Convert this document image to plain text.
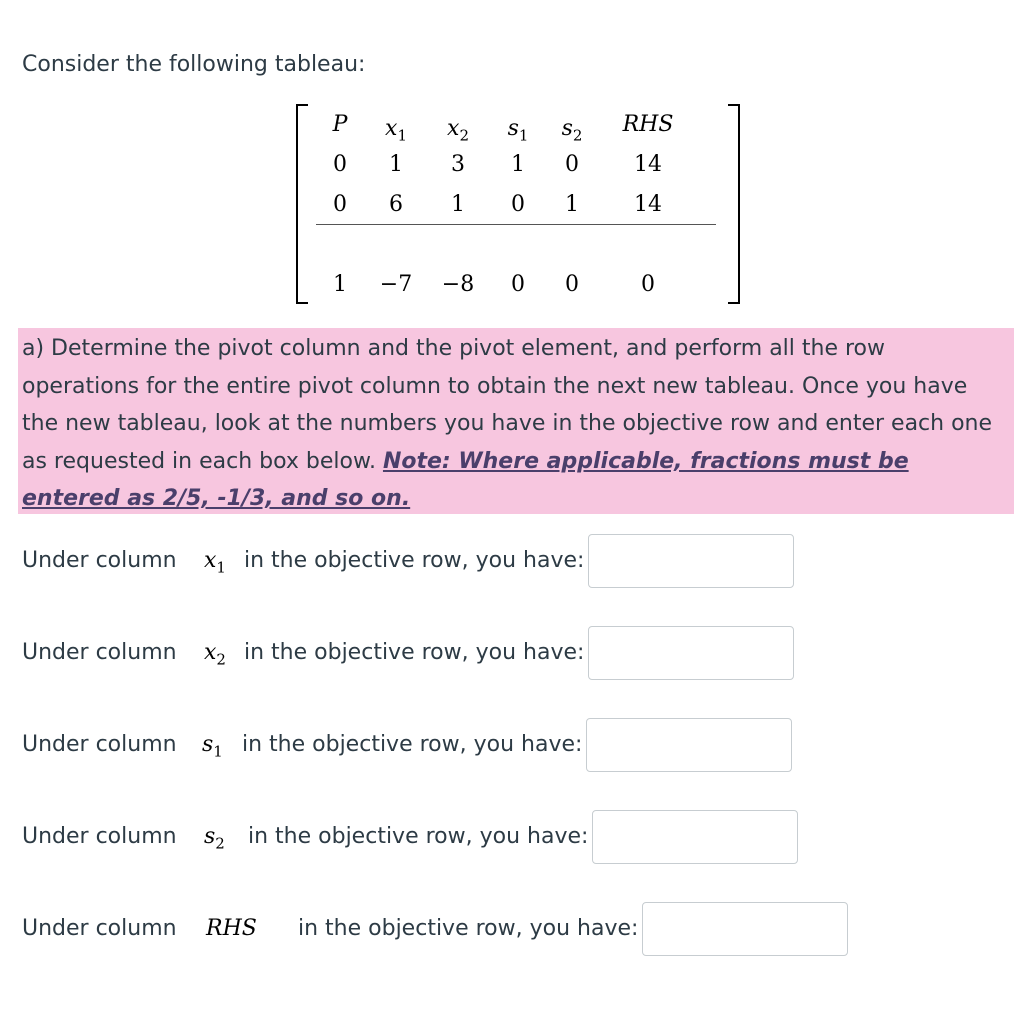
Consider the following tableau:

P $x_1$ $x_2$ $s_1$ $s_2$ RHS
0 1 3 1 0	14
0 6 1 0 1	14
1 −7 −8 0 0	0

a) Determine the pivot column and the pivot element, and perform all the row operations for the entire pivot column to obtain the next new tableau. Once you have the new tableau, look at the numbers you have in the objective row and enter each one as requested in each box below. Note: Where applicable, fractions must be entered as 2/5, -1/3, and so on.

Under column $x_1$ in the objective row, you have:
Under column $x_2$ in the objective row, you have:
Under column $s_1$ in the objective row, you have:
Under column $s_2$ in the objective row, you have:
Under column RHS in the objective row, you have:
